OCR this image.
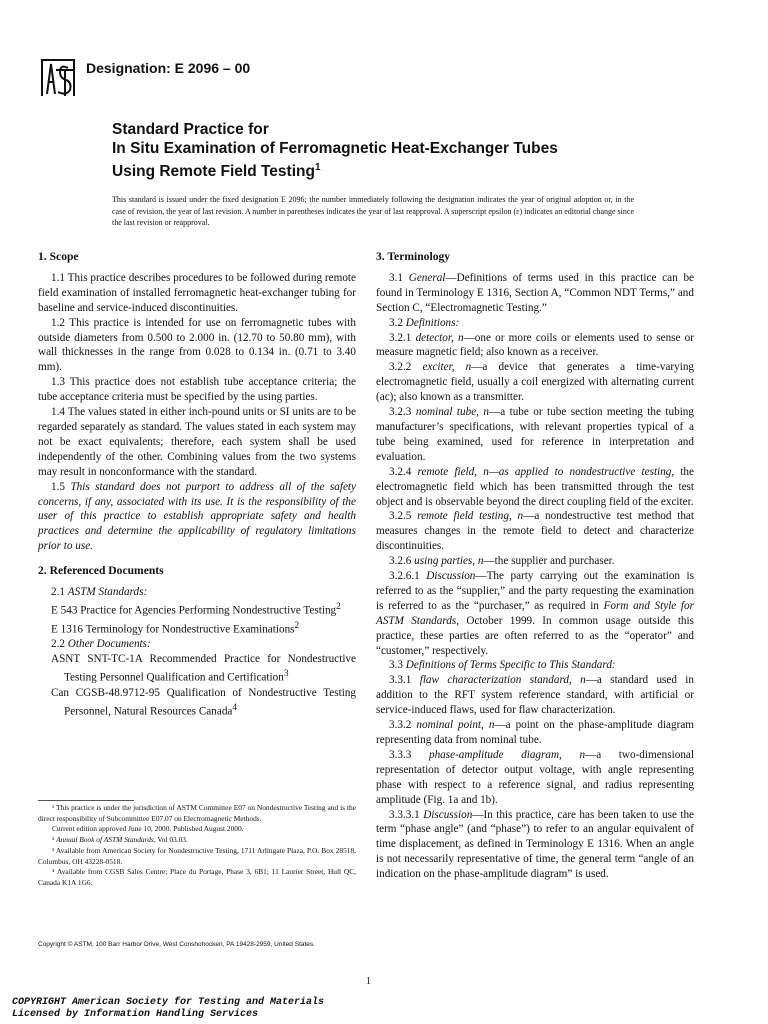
Designation: E 2096 – 00
Standard Practice for
In Situ Examination of Ferromagnetic Heat-Exchanger Tubes
Using Remote Field Testing$^1$
This standard is issued under the fixed designation E 2096; the number immediately following the designation indicates the year of original adoption or, in the case of revision, the year of last revision. A number in parentheses indicates the year of last reapproval. A superscript epsilon (ε) indicates an editorial change since the last revision or reapproval.
1. Scope

1.1 This practice describes procedures to be followed during remote field examination of installed ferromagnetic heat-exchanger tubing for baseline and service-induced discontinuities.

1.2 This practice is intended for use on ferromagnetic tubes with outside diameters from 0.500 to 2.000 in. (12.70 to 50.80 mm), with wall thicknesses in the range from 0.028 to 0.134 in. (0.71 to 3.40 mm).

1.3 This practice does not establish tube acceptance criteria; the tube acceptance criteria must be specified by the using parties.

1.4 The values stated in either inch-pound units or SI units are to be regarded separately as standard. The values stated in each system may not be exact equivalents; therefore, each system shall be used independently of the other. Combining values from the two systems may result in nonconformance with the standard.

1.5 This standard does not purport to address all of the safety concerns, if any, associated with its use. It is the responsibility of the user of this practice to establish appropriate safety and health practices and determine the applicability of regulatory limitations prior to use.

2. Referenced Documents

2.1 ASTM Standards:

E 543 Practice for Agencies Performing Nondestructive Testing$^2$

E 1316 Terminology for Nondestructive Examinations$^2$

2.2 Other Documents:

ASNT SNT-TC-1A Recommended Practice for Nondestructive Testing Personnel Qualification and Certification$^3$

Can CGSB-48.9712-95 Qualification of Nondestructive Testing Personnel, Natural Resources Canada$^4$

¹ This practice is under the jurisdiction of ASTM Committee E07 on Nondestructive Testing and is the direct responsibility of Subcommittee E07.07 on Electromagnetic Methods.

Current edition approved June 10, 2000. Published August 2000.

² Annual Book of ASTM Standards, Vol 03.03.

³ Available from American Society for Nondestructive Testing, 1711 Arlingate Plaza, P.O. Box 28518, Columbus, OH 43228-0518.

⁴ Available from CGSB Sales Centre; Place du Portage, Phase 3, 6B1; 11 Laurier Street, Hull QC, Canada K1A 1G6.

3. Terminology

3.1 General—Definitions of terms used in this practice can be found in Terminology E 1316, Section A, “Common NDT Terms,” and Section C, “Electromagnetic Testing.”

3.2 Definitions:

3.2.1 detector, n—one or more coils or elements used to sense or measure magnetic field; also known as a receiver.

3.2.2 exciter, n—a device that generates a time-varying electromagnetic field, usually a coil energized with alternating current (ac); also known as a transmitter.

3.2.3 nominal tube, n—a tube or tube section meeting the tubing manufacturer’s specifications, with relevant properties typical of a tube being examined, used for reference in interpretation and evaluation.

3.2.4 remote field, n—as applied to nondestructive testing, the electromagnetic field which has been transmitted through the test object and is observable beyond the direct coupling field of the exciter.

3.2.5 remote field testing, n—a nondestructive test method that measures changes in the remote field to detect and characterize discontinuities.

3.2.6 using parties, n—the supplier and purchaser.

3.2.6.1 Discussion—The party carrying out the examination is referred to as the “supplier,” and the party requesting the examination is referred to as the “purchaser,” as required in Form and Style for ASTM Standards, October 1999. In common usage outside this practice, these parties are often referred to as the “operator” and “customer,” respectively.

3.3 Definitions of Terms Specific to This Standard:

3.3.1 flaw characterization standard, n—a standard used in addition to the RFT system reference standard, with artificial or service-induced flaws, used for flaw characterization.

3.3.2 nominal point, n—a point on the phase-amplitude diagram representing data from nominal tube.

3.3.3 phase-amplitude diagram, n—a two-dimensional representation of detector output voltage, with angle representing phase with respect to a reference signal, and radius representing amplitude (Fig. 1a and 1b).

3.3.3.1 Discussion—In this practice, care has been taken to use the term “phase angle” (and “phase”) to refer to an angular equivalent of time displacement, as defined in Terminology E 1316. When an angle is not necessarily representative of time, the general term “angle of an indication on the phase-amplitude diagram” is used.

Copyright © ASTM, 100 Barr Harbor Drive, West Conshohocken, PA 19428-2959, United States.
1
COPYRIGHT American Society for Testing and Materials
Licensed by Information Handling Services
